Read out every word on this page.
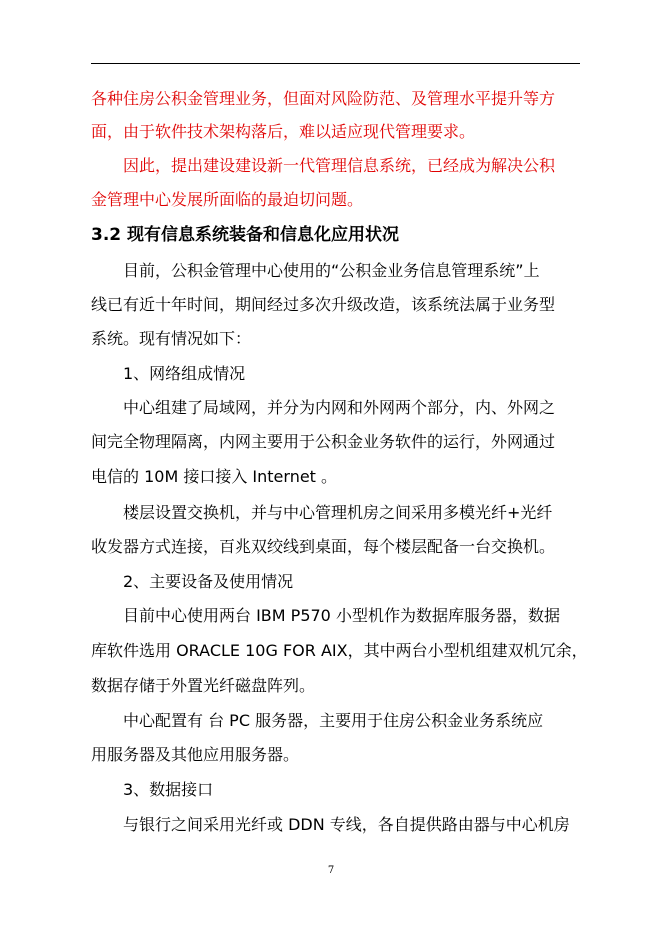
各种住房公积金管理业务，但面对风险防范、及管理水平提升等方
面，由于软件技术架构落后，难以适应现代管理要求。
因此，提出建设建设新一代管理信息系统，已经成为解决公积
金管理中心发展所面临的最迫切问题。
3.2 现有信息系统装备和信息化应用状况
目前，公积金管理中心使用的“公积金业务信息管理系统”上
线已有近十年时间，期间经过多次升级改造，该系统法属于业务型
系统。现有情况如下：
1、网络组成情况
中心组建了局域网，并分为内网和外网两个部分，内、外网之
间完全物理隔离，内网主要用于公积金业务软件的运行，外网通过
电信的 10M 接口接入 Internet 。
楼层设置交换机，并与中心管理机房之间采用多模光纤+光纤
收发器方式连接，百兆双绞线到桌面，每个楼层配备一台交换机。
2、主要设备及使用情况
目前中心使用两台 IBM P570 小型机作为数据库服务器，数据
库软件选用 ORACLE 10G FOR AIX，其中两台小型机组建双机冗余，
数据存储于外置光纤磁盘阵列。
中心配置有 台 PC 服务器，主要用于住房公积金业务系统应
用服务器及其他应用服务器。
3、数据接口
与银行之间采用光纤或 DDN 专线，各自提供路由器与中心机房
7
